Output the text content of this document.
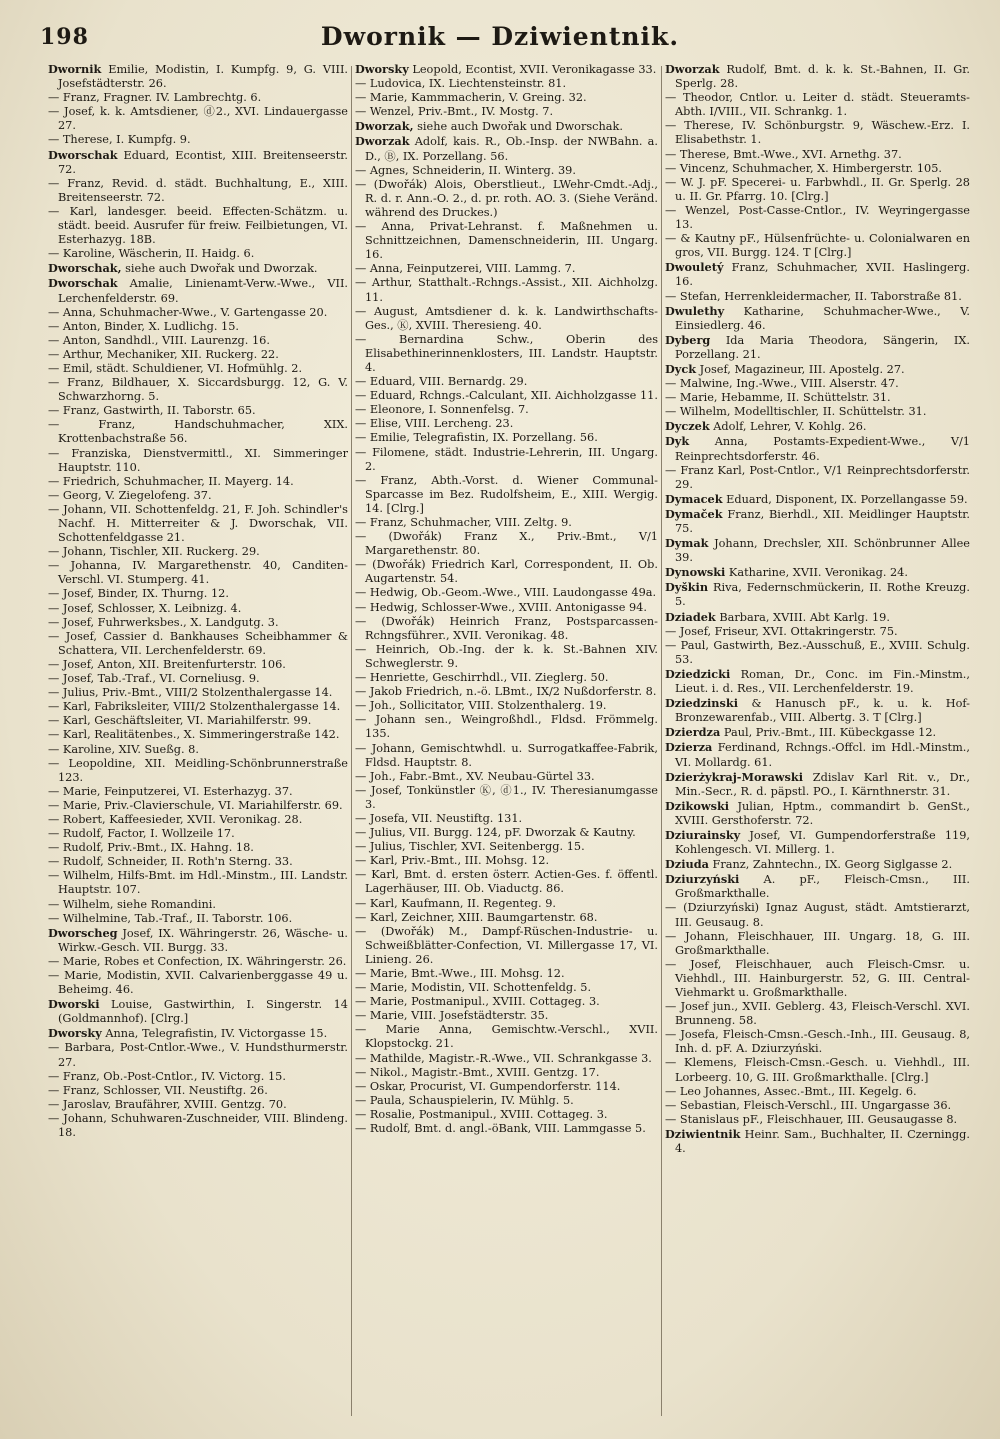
198	Dwornik — Dziwientnik.

Dwornik Emilie, Modistin, I. Kumpfg. 9, G. VIII. Josefstädterstr. 26.

— Franz, Fragner. IV. Lambrechtg. 6.

— Josef, k. k. Amtsdiener, ⓓ2., XVI. Lindauergasse 27.

— Therese, I. Kumpfg. 9.

Dworschak Eduard, Econtist, XIII. Breitenseerstr. 72.

— Franz, Revid. d. städt. Buchhaltung, E., XIII. Breitenseerstr. 72.

— Karl, landesger. beeid. Effecten-Schätzm. u. städt. beeid. Ausrufer für freiw. Feilbietungen, VI. Esterhazyg. 18B.

— Karoline, Wäscherin, II. Haidg. 6.

Dworschak, siehe auch Dwořak und Dworzak.

Dworschak Amalie, Linienamt-Verw.-Wwe., VII. Lerchenfelderstr. 69.

— Anna, Schuhmacher-Wwe., V. Gartengasse 20.

— Anton, Binder, X. Ludlichg. 15.

— Anton, Sandhdl., VIII. Laurenzg. 16.

— Arthur, Mechaniker, XII. Ruckerg. 22.

— Emil, städt. Schuldiener, VI. Hofmühlg. 2.

— Franz, Bildhauer, X. Siccardsburgg. 12, G. V. Schwarzhorng. 5.

— Franz, Gastwirth, II. Taborstr. 65.

— Franz, Handschuhmacher, XIX. Krottenbachstraße 56.

— Franziska, Dienstvermittl., XI. Simmeringer Hauptstr. 110.

— Friedrich, Schuhmacher, II. Mayerg. 14.

— Georg, V. Ziegelofeng. 37.

— Johann, VII. Schottenfeldg. 21, F. Joh. Schindler's Nachf. H. Mitterreiter & J. Dworschak, VII. Schottenfeldgasse 21.

— Johann, Tischler, XII. Ruckerg. 29.

— Johanna, IV. Margarethenstr. 40, Canditen-Verschl. VI. Stumperg. 41.

— Josef, Binder, IX. Thurng. 12.

— Josef, Schlosser, X. Leibnizg. 4.

— Josef, Fuhrwerksbes., X. Landgutg. 3.

— Josef, Cassier d. Bankhauses Scheibhammer & Schattera, VII. Lerchenfelderstr. 69.

— Josef, Anton, XII. Breitenfurterstr. 106.

— Josef, Tab.-Traf., VI. Corneliusg. 9.

— Julius, Priv.-Bmt., VIII/2 Stolzenthalergasse 14.

— Karl, Fabriksleiter, VIII/2 Stolzenthalergasse 14.

— Karl, Geschäftsleiter, VI. Mariahilferstr. 99.

— Karl, Realitätenbes., X. Simmeringerstraße 142.

— Karoline, XIV. Sueßg. 8.

— Leopoldine, XII. Meidling-Schönbrunnerstraße 123.

— Marie, Feinputzerei, VI. Esterhazyg. 37.

— Marie, Priv.-Clavierschule, VI. Mariahilferstr. 69.

— Robert, Kaffeesieder, XVII. Veronikag. 28.

— Rudolf, Factor, I. Wollzeile 17.

— Rudolf, Priv.-Bmt., IX. Hahng. 18.

— Rudolf, Schneider, II. Roth'n Sterng. 33.

— Wilhelm, Hilfs-Bmt. im Hdl.-Minstm., III. Landstr. Hauptstr. 107.

— Wilhelm, siehe Romandini.

— Wilhelmine, Tab.-Traf., II. Taborstr. 106.

Dworscheg Josef, IX. Währingerstr. 26, Wäsche- u. Wirkw.-Gesch. VII. Burgg. 33.

— Marie, Robes et Confection, IX. Währingerstr. 26.

— Marie, Modistin, XVII. Calvarienberggasse 49 u. Beheimg. 46.

Dworski Louise, Gastwirthin, I. Singerstr. 14 (Goldmannhof). [Clrg.]

Dworsky Anna, Telegrafistin, IV. Victorgasse 15.

— Barbara, Post-Cntlor.-Wwe., V. Hundsthurmerstr. 27.

— Franz, Ob.-Post-Cntlor., IV. Victorg. 15.

— Franz, Schlosser, VII. Neustiftg. 26.

— Jaroslav, Braufährer, XVIII. Gentzg. 70.

— Johann, Schuhwaren-Zuschneider, VIII. Blindeng. 18.

Dworsky Leopold, Econtist, XVII. Veronikagasse 33.

— Ludovica, IX. Liechtensteinstr. 81.

— Marie, Kammmacherin, V. Greing. 32.

— Wenzel, Priv.-Bmt., IV. Mostg. 7.

Dworzak, siehe auch Dwořak und Dworschak.

Dworzak Adolf, kais. R., Ob.-Insp. der NWBahn. a. D., Ⓑ, IX. Porzellang. 56.

— Agnes, Schneiderin, II. Winterg. 39.

— (Dwořák) Alois, Oberstlieut., LWehr-Cmdt.-Adj., R. d. r. Ann.-O. 2., d. pr. roth. AO. 3. (Siehe Veränd. während des Druckes.)

— Anna, Privat-Lehranst. f. Maßnehmen u. Schnittzeichnen, Damenschneiderin, III. Ungarg. 16.

— Anna, Feinputzerei, VIII. Lammg. 7.

— Arthur, Statthalt.-Rchngs.-Assist., XII. Aichholzg. 11.

— August, Amtsdiener d. k. k. Landwirthschafts-Ges., Ⓚ, XVIII. Theresieng. 40.

— Bernardina Schw., Oberin des Elisabethinerinnenklosters, III. Landstr. Hauptstr. 4.

— Eduard, VIII. Bernardg. 29.

— Eduard, Rchngs.-Calculant, XII. Aichholzgasse 11.

— Eleonore, I. Sonnenfelsg. 7.

— Elise, VIII. Lercheng. 23.

— Emilie, Telegrafistin, IX. Porzellang. 56.

— Filomene, städt. Industrie-Lehrerin, III. Ungarg. 2.

— Franz, Abth.-Vorst. d. Wiener Communal-Sparcasse im Bez. Rudolfsheim, E., XIII. Wergig. 14. [Clrg.]

— Franz, Schuhmacher, VIII. Zeltg. 9.

— (Dwořák) Franz X., Priv.-Bmt., V/1 Margarethenstr. 80.

— (Dwořák) Friedrich Karl, Correspondent, II. Ob. Augartenstr. 54.

— Hedwig, Ob.-Geom.-Wwe., VIII. Laudongasse 49a.

— Hedwig, Schlosser-Wwe., XVIII. Antonigasse 94.

— (Dwořák) Heinrich Franz, Postsparcassen-Rchngsführer., XVII. Veronikag. 48.

— Heinrich, Ob.-Ing. der k. k. St.-Bahnen XIV. Schweglerstr. 9.

— Henriette, Geschirrhdl., VII. Zieglerg. 50.

— Jakob Friedrich, n.-ö. LBmt., IX/2 Nußdorferstr. 8.

— Joh., Sollicitator, VIII. Stolzenthalerg. 19.

— Johann sen., Weingroßhdl., Fldsd. Frömmelg. 135.

— Johann, Gemischtwhdl. u. Surrogatkaffee-Fabrik, Fldsd. Hauptstr. 8.

— Joh., Fabr.-Bmt., XV. Neubau-Gürtel 33.

— Josef, Tonkünstler Ⓚ, ⓓ1., IV. Theresianumgasse 3.

— Josefa, VII. Neustiftg. 131.

— Julius, VII. Burgg. 124, pF. Dworzak & Kautny.

— Julius, Tischler, XVI. Seitenbergg. 15.

— Karl, Priv.-Bmt., III. Mohsg. 12.

— Karl, Bmt. d. ersten österr. Actien-Ges. f. öffentl. Lagerhäuser, III. Ob. Viaductg. 86.

— Karl, Kaufmann, II. Regenteg. 9.

— Karl, Zeichner, XIII. Baumgartenstr. 68.

— (Dwořák) M., Dampf-Rüschen-Industrie- u. Schweißblätter-Confection, VI. Millergasse 17, VI. Linieng. 26.

— Marie, Bmt.-Wwe., III. Mohsg. 12.

— Marie, Modistin, VII. Schottenfeldg. 5.

— Marie, Postmanipul., XVIII. Cottageg. 3.

— Marie, VIII. Josefstädterstr. 35.

— Marie Anna, Gemischtw.-Verschl., XVII. Klopstockg. 21.

— Mathilde, Magistr.-R.-Wwe., VII. Schrankgasse 3.

— Nikol., Magistr.-Bmt., XVIII. Gentzg. 17.

— Oskar, Procurist, VI. Gumpendorferstr. 114.

— Paula, Schauspielerin, IV. Mühlg. 5.

— Rosalie, Postmanipul., XVIII. Cottageg. 3.

— Rudolf, Bmt. d. angl.-öBank, VIII. Lammgasse 5.

Dworzak Rudolf, Bmt. d. k. k. St.-Bahnen, II. Gr. Sperlg. 28.

— Theodor, Cntlor. u. Leiter d. städt. Steueramts-Abth. I/VIII., VII. Schrankg. 1.

— Therese, IV. Schönburgstr. 9, Wäschew.-Erz. I. Elisabethstr. 1.

— Therese, Bmt.-Wwe., XVI. Arnethg. 37.

— Vincenz, Schuhmacher, X. Himbergerstr. 105.

— W. J. pF. Specerei- u. Farbwhdl., II. Gr. Sperlg. 28 u. II. Gr. Pfarrg. 10. [Clrg.]

— Wenzel, Post-Casse-Cntlor., IV. Weyringergasse 13.

— & Kautny pF., Hülsenfrüchte- u. Colonialwaren en gros, VII. Burgg. 124. T [Clrg.]

Dwouletý Franz, Schuhmacher, XVII. Haslingerg. 16.

— Stefan, Herrenkleidermacher, II. Taborstraße 81.

Dwulethy Katharine, Schuhmacher-Wwe., V. Einsiedlerg. 46.

Dyberg Ida Maria Theodora, Sängerin, IX. Porzellang. 21.

Dyck Josef, Magazineur, III. Apostelg. 27.

— Malwine, Ing.-Wwe., VIII. Alserstr. 47.

— Marie, Hebamme, II. Schüttelstr. 31.

— Wilhelm, Modelltischler, II. Schüttelstr. 31.

Dyczek Adolf, Lehrer, V. Kohlg. 26.

Dyk Anna, Postamts-Expedient-Wwe., V/1 Reinprechtsdorferstr. 46.

— Franz Karl, Post-Cntlor., V/1 Reinprechtsdorferstr. 29.

Dymacek Eduard, Disponent, IX. Porzellangasse 59.

Dymaček Franz, Bierhdl., XII. Meidlinger Hauptstr. 75.

Dymak Johann, Drechsler, XII. Schönbrunner Allee 39.

Dynowski Katharine, XVII. Veronikag. 24.

Dyškin Riva, Federnschmückerin, II. Rothe Kreuzg. 5.

Dziadek Barbara, XVIII. Abt Karlg. 19.

— Josef, Friseur, XVI. Ottakringerstr. 75.

— Paul, Gastwirth, Bez.-Ausschuß, E., XVIII. Schulg. 53.

Dziedzicki Roman, Dr., Conc. im Fin.-Minstm., Lieut. i. d. Res., VII. Lerchenfelderstr. 19.

Dziedzinski & Hanusch pF., k. u. k. Hof-Bronzewarenfab., VIII. Albertg. 3. T [Clrg.]

Dzierdza Paul, Priv.-Bmt., III. Kübeckgasse 12.

Dzierza Ferdinand, Rchngs.-Offcl. im Hdl.-Minstm., VI. Mollardg. 61.

Dzierżykraj-Morawski Zdislav Karl Rit. v., Dr., Min.-Secr., R. d. päpstl. PO., I. Kärnthnerstr. 31.

Dzikowski Julian, Hptm., commandirt b. GenSt., XVIII. Gersthoferstr. 72.

Dziurainsky Josef, VI. Gumpendorferstraße 119, Kohlengesch. VI. Millerg. 1.

Dziuda Franz, Zahntechn., IX. Georg Siglgasse 2.

Dziurzyński A. pF., Fleisch-Cmsn., III. Großmarkthalle.

— (Dziurzyński) Ignaz August, städt. Amtstierarzt, III. Geusaug. 8.

— Johann, Fleischhauer, III. Ungarg. 18, G. III. Großmarkthalle.

— Josef, Fleischhauer, auch Fleisch-Cmsr. u. Viehhdl., III. Hainburgerstr. 52, G. III. Central-Viehmarkt u. Großmarkthalle.

— Josef jun., XVII. Geblerg. 43, Fleisch-Verschl. XVI. Brunneng. 58.

— Josefa, Fleisch-Cmsn.-Gesch.-Inh., III. Geusaug. 8, Inh. d. pF. A. Dziurzyński.

— Klemens, Fleisch-Cmsn.-Gesch. u. Viehhdl., III. Lorbeerg. 10, G. III. Großmarkthalle. [Clrg.]

— Leo Johannes, Assec.-Bmt., III. Kegelg. 6.

— Sebastian, Fleisch-Verschl., III. Ungargasse 36.

— Stanislaus pF., Fleischhauer, III. Geusaugasse 8.

Dziwientnik Heinr. Sam., Buchhalter, II. Czerningg. 4.
